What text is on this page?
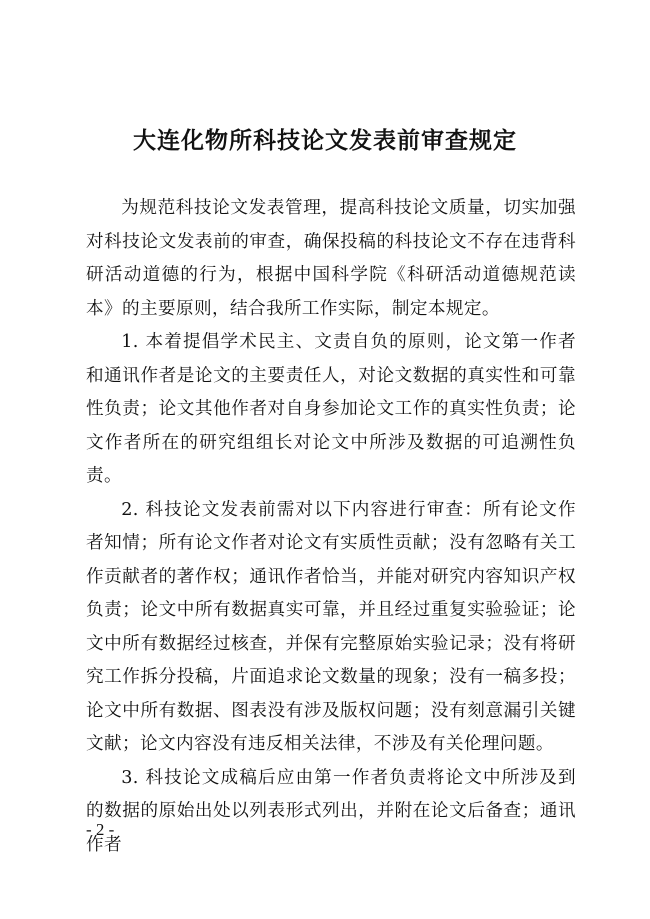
大连化物所科技论文发表前审查规定

为规范科技论文发表管理，提高科技论文质量，切实加强对科技论文发表前的审查，确保投稿的科技论文不存在违背科研活动道德的行为，根据中国科学院《科研活动道德规范读本》的主要原则，结合我所工作实际，制定本规定。

1. 本着提倡学术民主、文责自负的原则，论文第一作者和通讯作者是论文的主要责任人，对论文数据的真实性和可靠性负责；论文其他作者对自身参加论文工作的真实性负责；论文作者所在的研究组组长对论文中所涉及数据的可追溯性负责。

2. 科技论文发表前需对以下内容进行审查：所有论文作者知情；所有论文作者对论文有实质性贡献；没有忽略有关工作贡献者的著作权；通讯作者恰当，并能对研究内容知识产权负责；论文中所有数据真实可靠，并且经过重复实验验证；论文中所有数据经过核查，并保有完整原始实验记录；没有将研究工作拆分投稿，片面追求论文数量的现象；没有一稿多投；论文中所有数据、图表没有涉及版权问题；没有刻意漏引关键文献；论文内容没有违反相关法律，不涉及有关伦理问题。

3. 科技论文成稿后应由第一作者负责将论文中所涉及到的数据的原始出处以列表形式列出，并附在论文后备查；通讯作者

- 2 -
